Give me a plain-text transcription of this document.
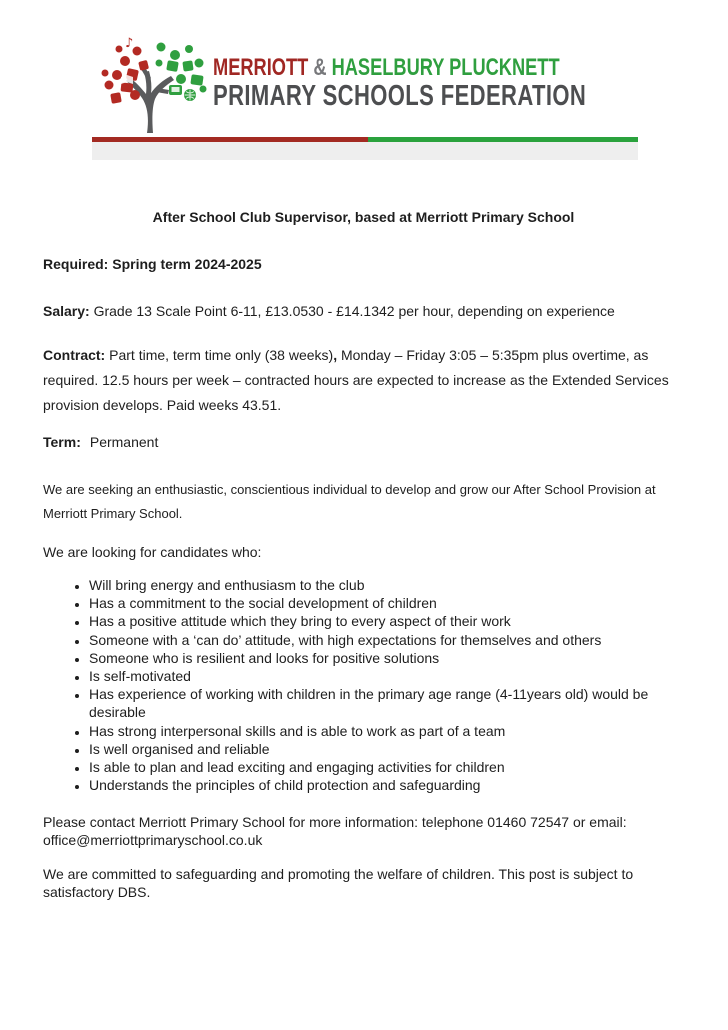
♪
MERRIOTT & HASELBURY PLUCKNETT
PRIMARY SCHOOLS FEDERATION
After School Club Supervisor, based at Merriott Primary School

Required: Spring term 2024-2025

Salary: Grade 13 Scale Point 6-11, £13.0530 - £14.1342 per hour, depending on experience

Contract: Part time, term time only (38 weeks), Monday – Friday 3:05 – 5:35pm plus overtime, as required. 12.5 hours per week – contracted hours are expected to increase as the Extended Services provision develops. Paid weeks 43.51.

Term: Permanent

We are seeking an enthusiastic, conscientious individual to develop and grow our After School Provision at Merriott Primary School.

We are looking for candidates who:

• Will bring energy and enthusiasm to the club
• Has a commitment to the social development of children
• Has a positive attitude which they bring to every aspect of their work
• Someone with a ‘can do’ attitude, with high expectations for themselves and others
• Someone who is resilient and looks for positive solutions
• Is self-motivated
• Has experience of working with children in the primary age range (4-11years old) would be desirable
• Has strong interpersonal skills and is able to work as part of a team
• Is well organised and reliable
• Is able to plan and lead exciting and engaging activities for children
• Understands the principles of child protection and safeguarding

Please contact Merriott Primary School for more information: telephone 01460 72547 or email:
office@merriottprimaryschool.co.uk

We are committed to safeguarding and promoting the welfare of children. This post is subject to
satisfactory DBS.
